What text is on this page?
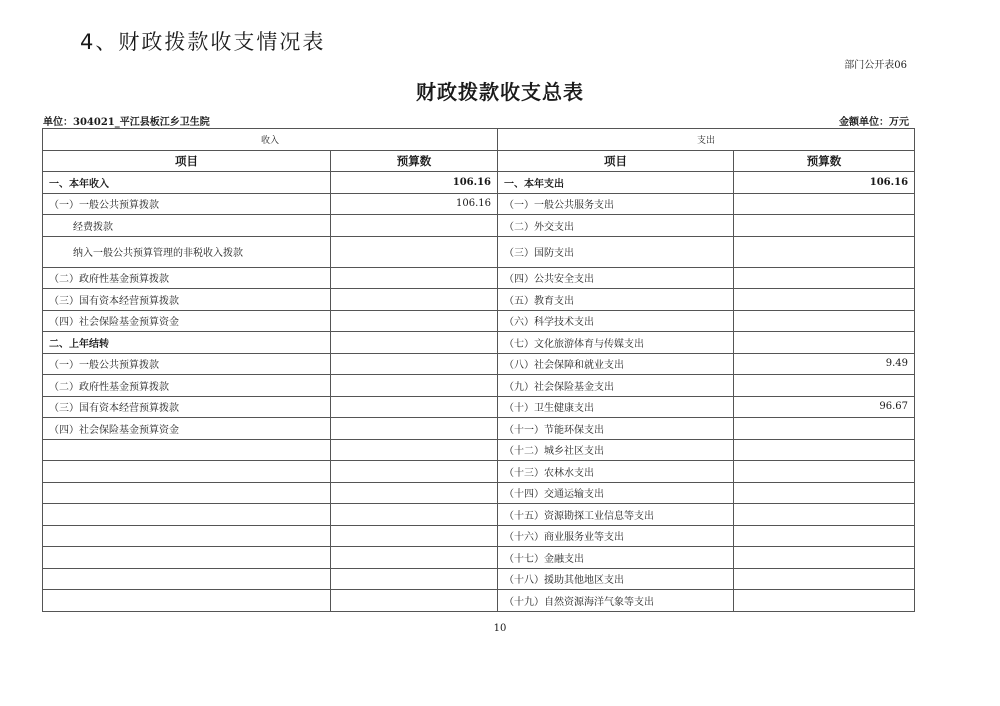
4、财政拨款收支情况表
部门公开表06
财政拨款收支总表
单位：304021_平江县板江乡卫生院	金额单位：万元
收入		支出	
项目	预算数	项目	预算数
一、本年收入	106.16	一、本年支出	106.16
（一）一般公共预算拨款	106.16	（一）一般公共服务支出	
经费拨款		（二）外交支出	
纳入一般公共预算管理的非税收入拨款		（三）国防支出	
（二）政府性基金预算拨款		（四）公共安全支出	
（三）国有资本经营预算拨款		（五）教育支出	
（四）社会保险基金预算资金		（六）科学技术支出	
二、上年结转		（七）文化旅游体育与传媒支出	
（一）一般公共预算拨款		（八）社会保障和就业支出	9.49
（二）政府性基金预算拨款		（九）社会保险基金支出	
（三）国有资本经营预算拨款		（十）卫生健康支出	96.67
（四）社会保险基金预算资金		（十一）节能环保支出	
		（十二）城乡社区支出	
		（十三）农林水支出	
		（十四）交通运输支出	
		（十五）资源勘探工业信息等支出	
		（十六）商业服务业等支出	
		（十七）金融支出	
		（十八）援助其他地区支出	
		（十九）自然资源海洋气象等支出	
10
